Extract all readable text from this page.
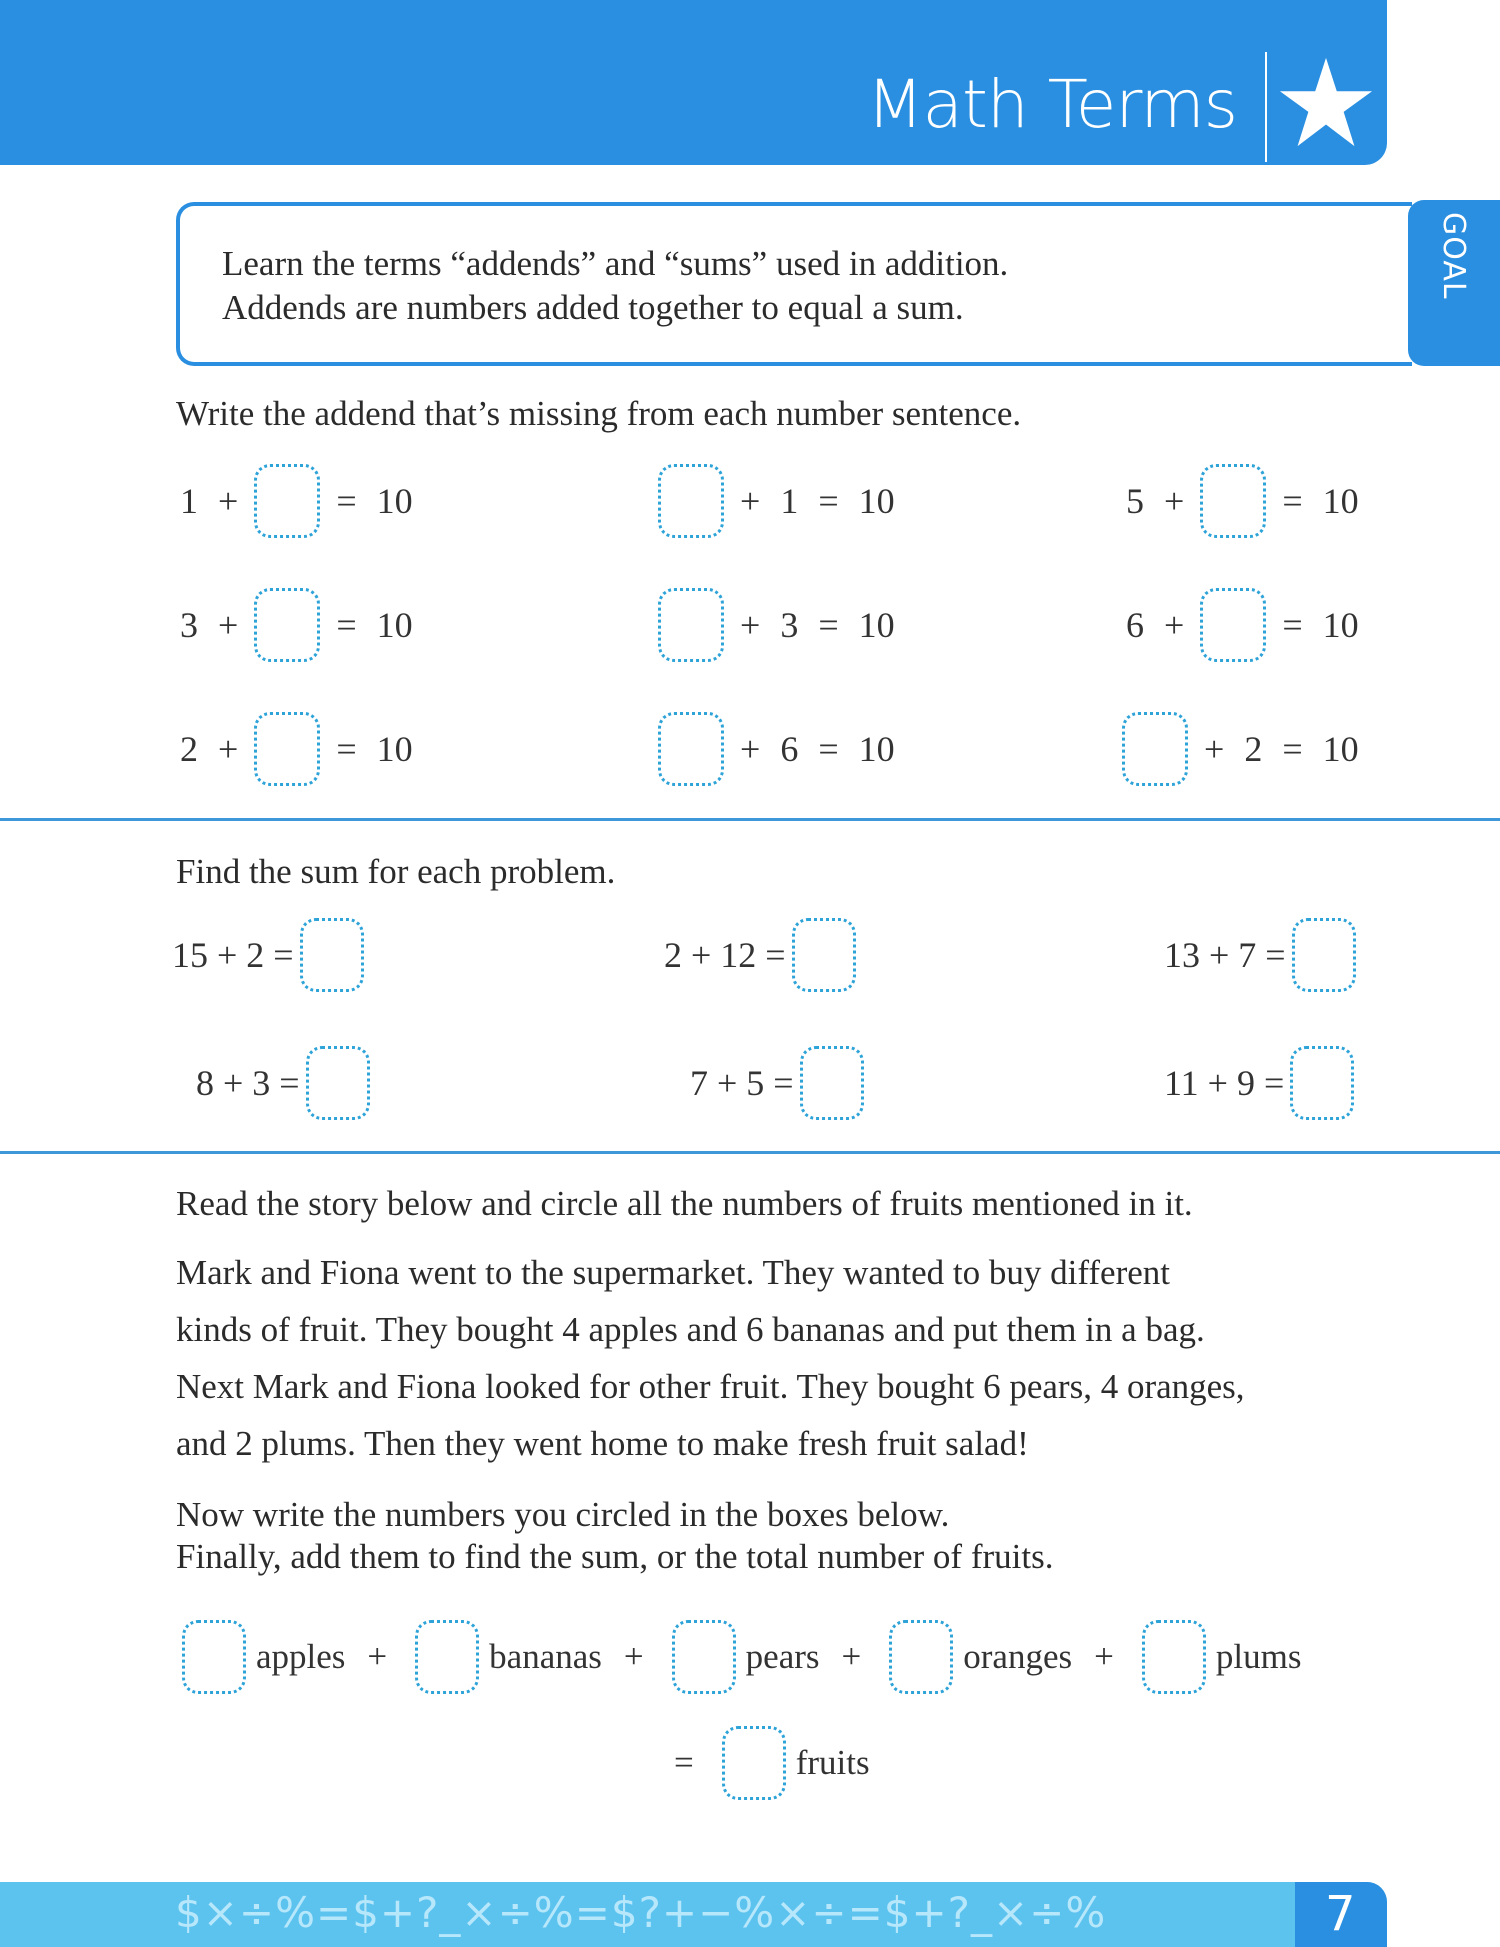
Math Terms
Learn the terms “addends” and “sums” used in addition.
Addends are numbers added together to equal a sum.
GOAL
Write the addend that’s missing from each number sentence.
1 +	= 10	+ 1 = 10	5 +	= 10
3 +	= 10	+ 3 = 10	6 +	= 10
2 +	= 10	+ 6 = 10	+ 2 = 10
Find the sum for each problem.
15 + 2 =	2 + 12 =	13 + 7 =
8 + 3 =	7 + 5 =	11 + 9 =
Read the story below and circle all the numbers of fruits mentioned in it.

Mark and Fiona went to the supermarket. They wanted to buy different

kinds of fruit. They bought 4 apples and 6 bananas and put them in a bag.

Next Mark and Fiona looked for other fruit. They bought 6 pears, 4 oranges,

and 2 plums. Then they went home to make fresh fruit salad!

Now write the numbers you circled in the boxes below.
Finally, add them to find the sum, or the total number of fruits.
apples +	bananas +	pears +	oranges +	plums
=	fruits
$×÷%=$+?_×÷%=$?+−%×÷=$+?_×÷%	7
